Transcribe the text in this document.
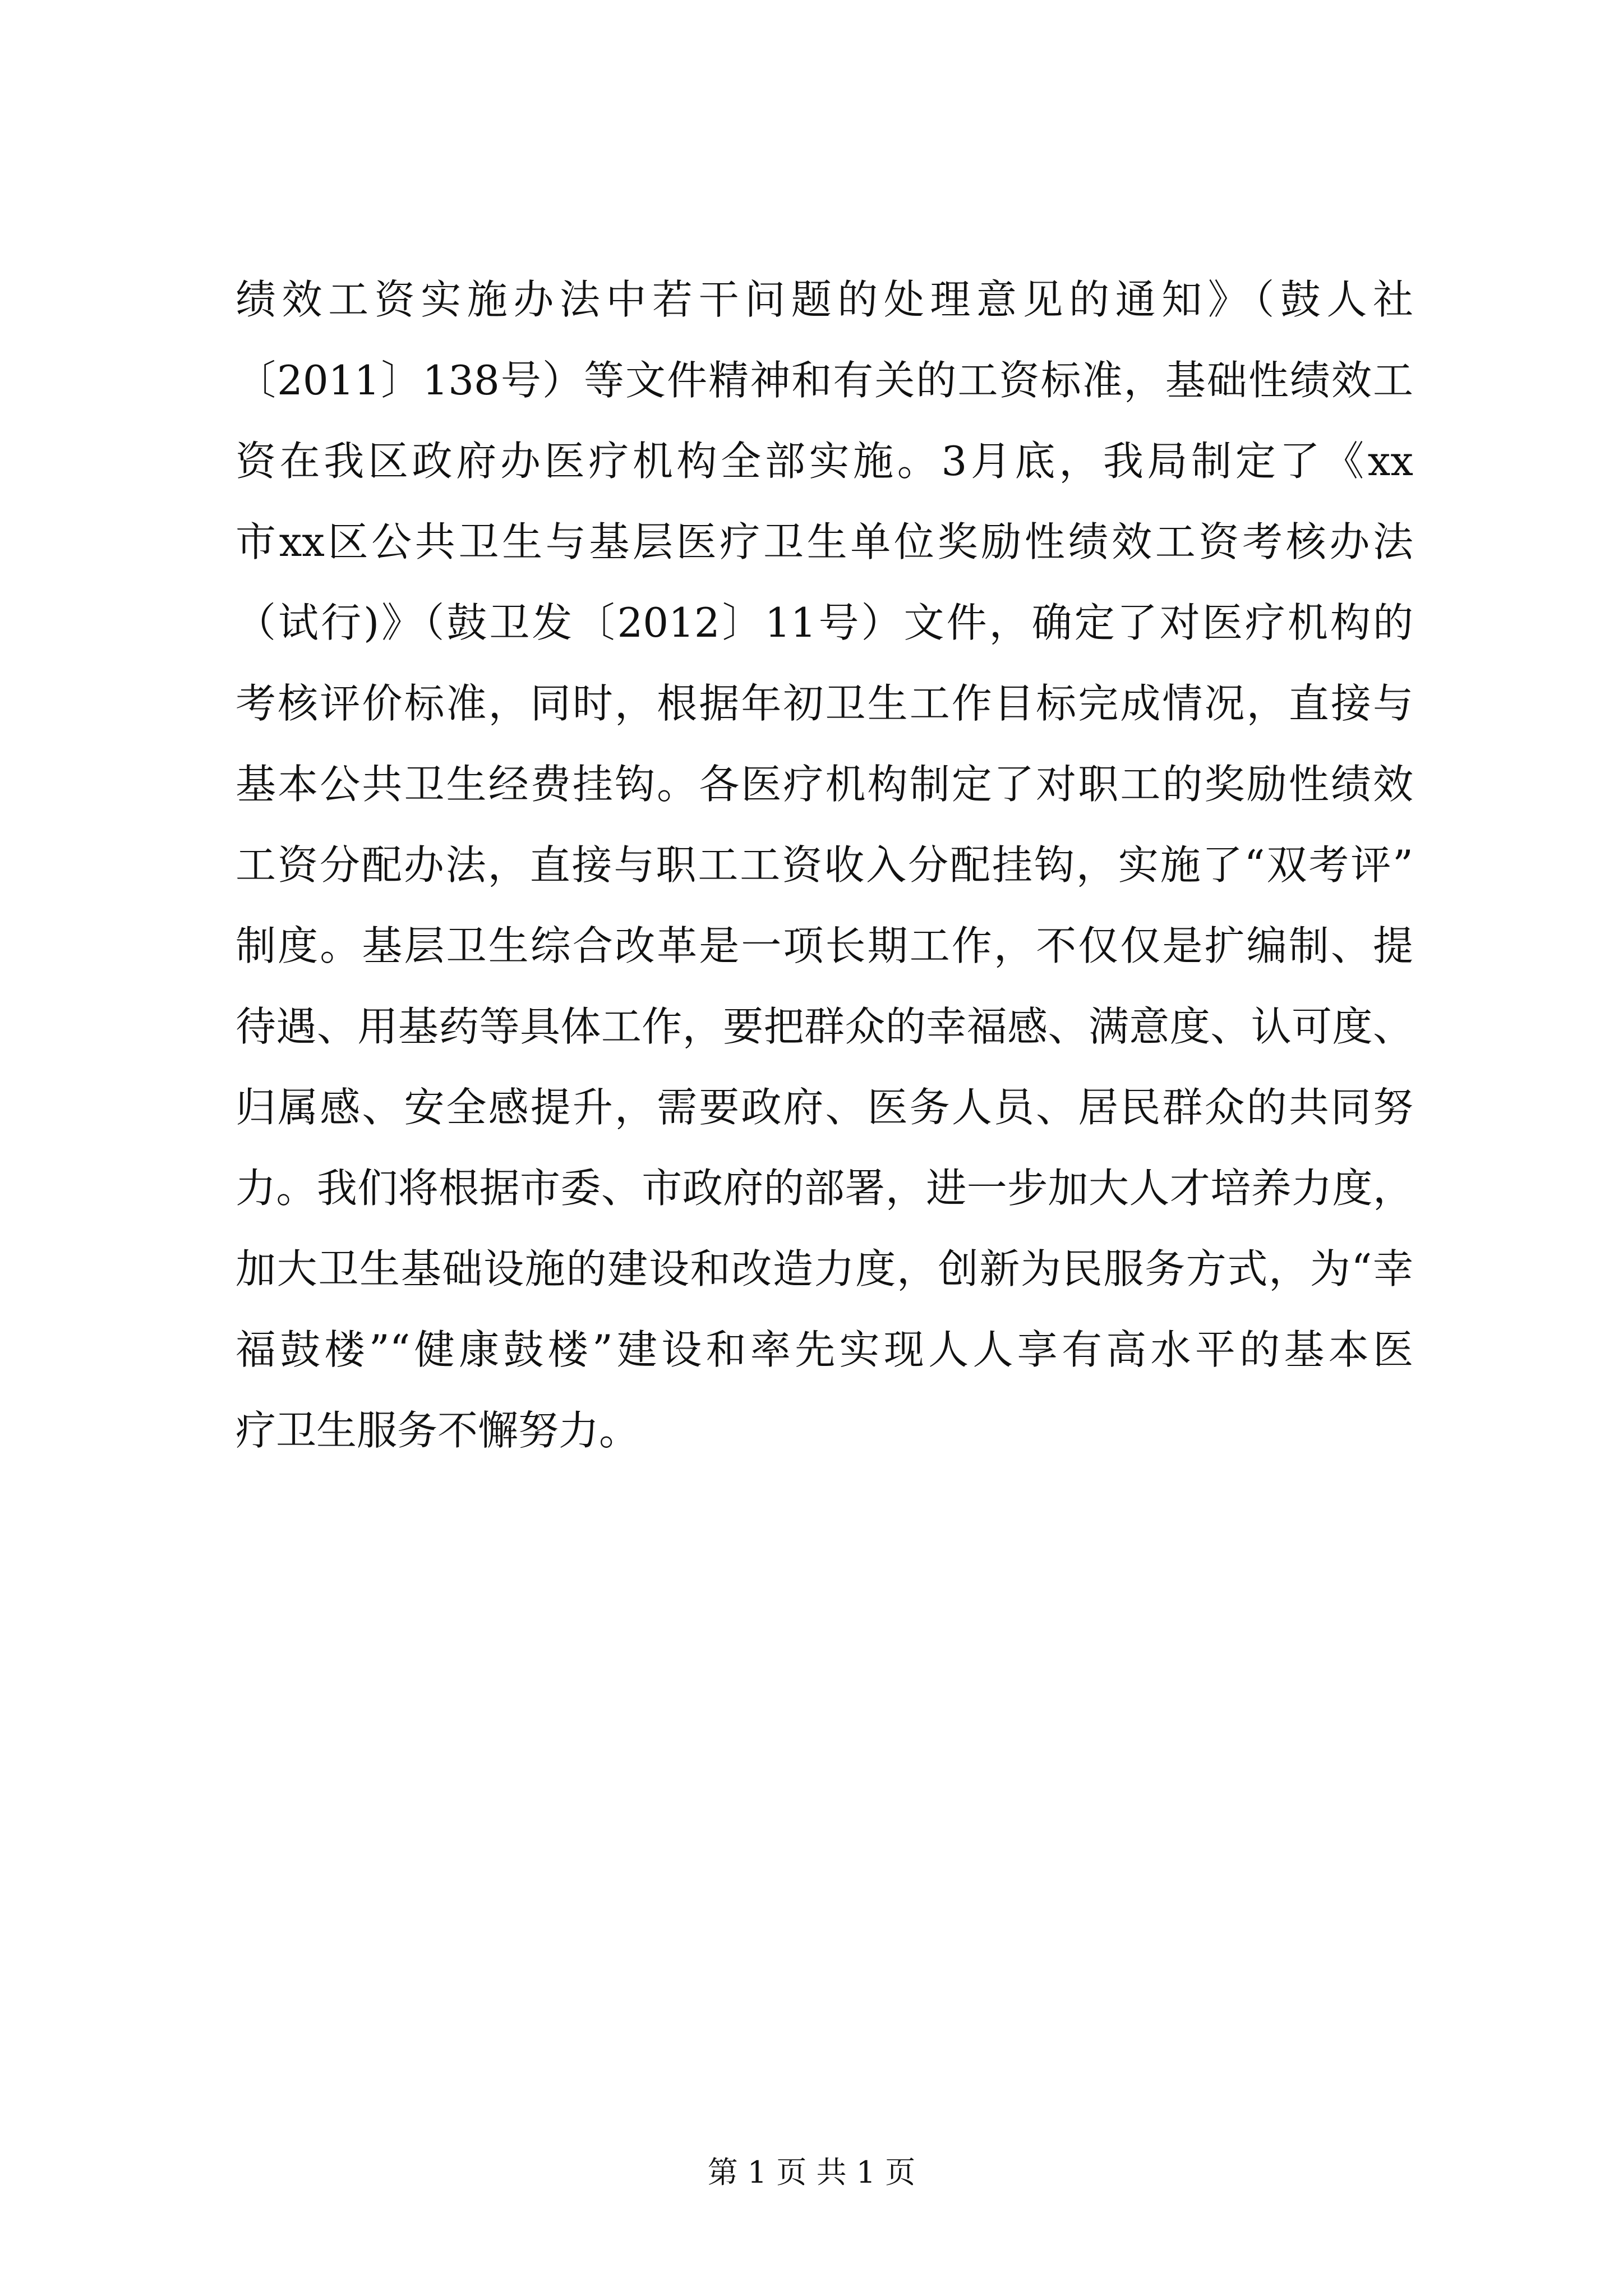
绩效工资实施办法中若干问题的处理意见的通知》（鼓人社
〔2011〕138号）等文件精神和有关的工资标准，基础性绩效工
资在我区政府办医疗机构全部实施。3月底，我局制定了《xx
市xx区公共卫生与基层医疗卫生单位奖励性绩效工资考核办法
（试行)》（鼓卫发〔2012〕11号）文件，确定了对医疗机构的
考核评价标准，同时，根据年初卫生工作目标完成情况，直接与
基本公共卫生经费挂钩。各医疗机构制定了对职工的奖励性绩效
工资分配办法，直接与职工工资收入分配挂钩，实施了“双考评”
制度。基层卫生综合改革是一项长期工作，不仅仅是扩编制、提
待遇、用基药等具体工作，要把群众的幸福感、满意度、认可度、
归属感、安全感提升，需要政府、医务人员、居民群众的共同努
力。我们将根据市委、市政府的部署，进一步加大人才培养力度，
加大卫生基础设施的建设和改造力度，创新为民服务方式，为“幸
福鼓楼”“健康鼓楼”建设和率先实现人人享有高水平的基本医
疗卫生服务不懈努力。
第 1 页 共 1 页
